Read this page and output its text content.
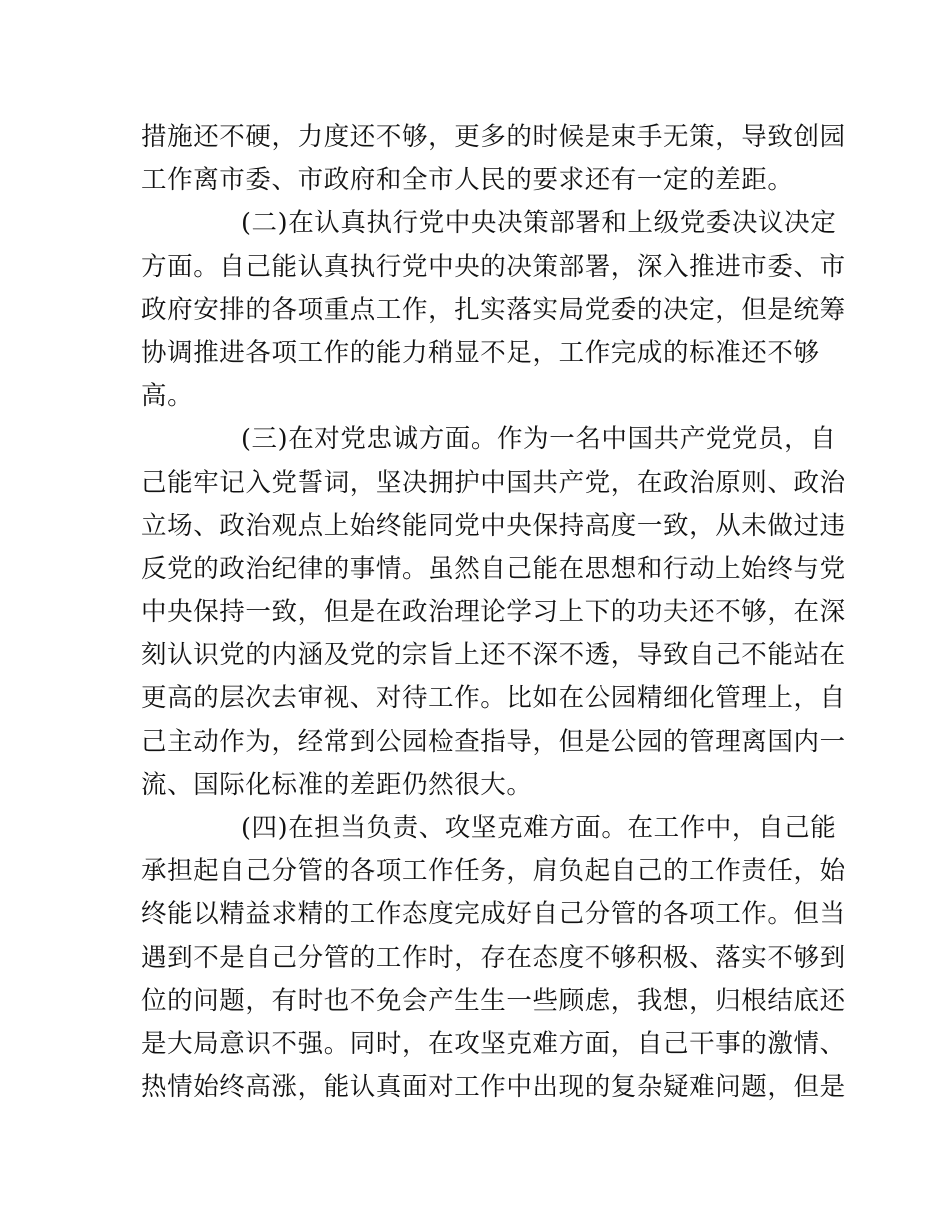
措施还不硬，力度还不够，更多的时候是束手无策，导致创园
工作离市委、市政府和全市人民的要求还有一定的差距。
(二)在认真执行党中央决策部署和上级党委决议决定
方面。自己能认真执行党中央的决策部署，深入推进市委、市
政府安排的各项重点工作，扎实落实局党委的决定，但是统筹
协调推进各项工作的能力稍显不足，工作完成的标准还不够
高。
(三)在对党忠诚方面。作为一名中国共产党党员，自
己能牢记入党誓词，坚决拥护中国共产党，在政治原则、政治
立场、政治观点上始终能同党中央保持高度一致，从未做过违
反党的政治纪律的事情。虽然自己能在思想和行动上始终与党
中央保持一致，但是在政治理论学习上下的功夫还不够，在深
刻认识党的内涵及党的宗旨上还不深不透，导致自己不能站在
更高的层次去审视、对待工作。比如在公园精细化管理上，自
己主动作为，经常到公园检查指导，但是公园的管理离国内一
流、国际化标准的差距仍然很大。
(四)在担当负责、攻坚克难方面。在工作中，自己能
承担起自己分管的各项工作任务，肩负起自己的工作责任，始
终能以精益求精的工作态度完成好自己分管的各项工作。但当
遇到不是自己分管的工作时，存在态度不够积极、落实不够到
位的问题，有时也不免会产生生一些顾虑，我想，归根结底还
是大局意识不强。同时，在攻坚克难方面，自己干事的激情、
热情始终高涨，能认真面对工作中出现的复杂疑难问题，但是
